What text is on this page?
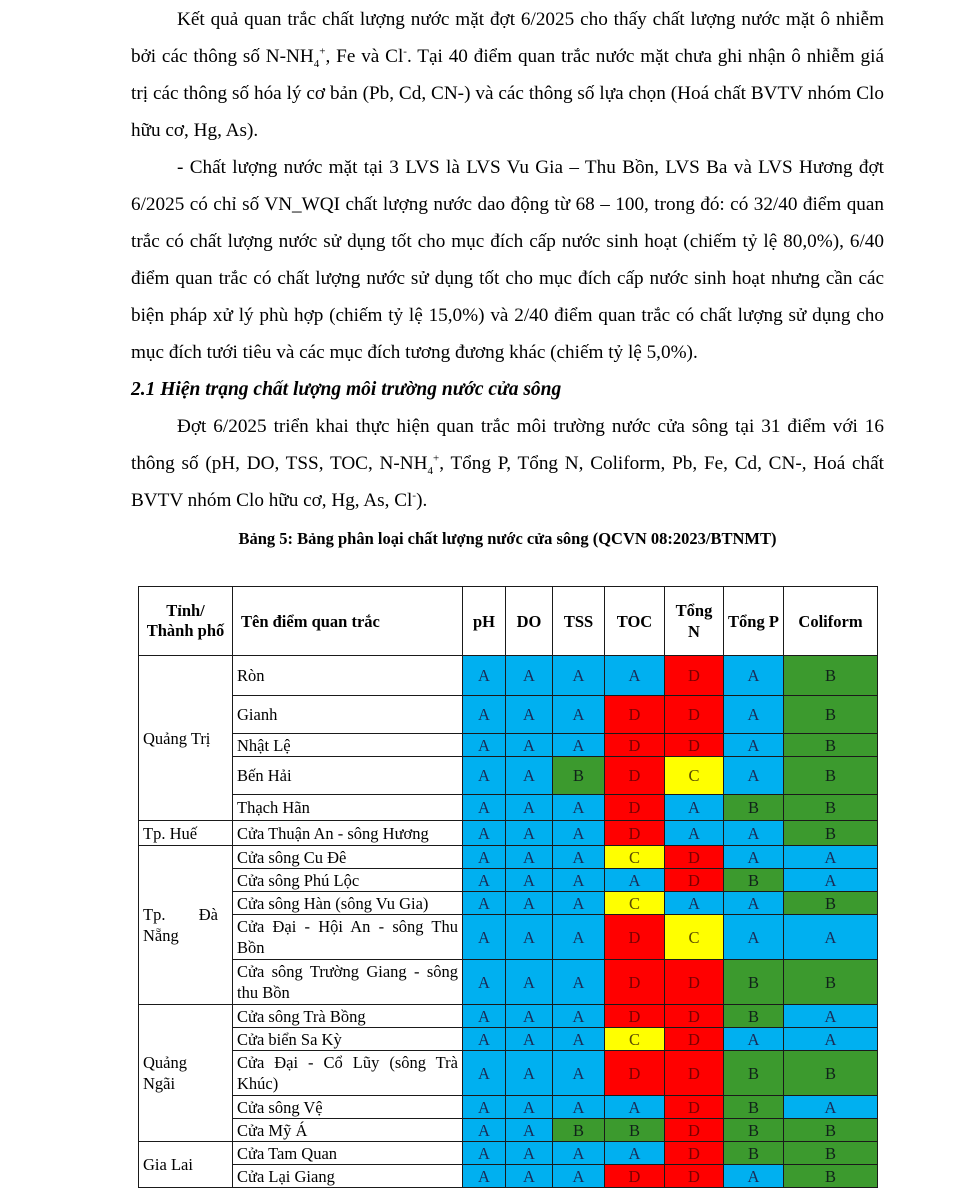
Kết quả quan trắc chất lượng nước mặt đợt 6/2025 cho thấy chất lượng nước mặt ô nhiễm bởi các thông số $N-NH_4^+$, Fe và Cl-. Tại 40 điểm quan trắc nước mặt chưa ghi nhận ô nhiễm giá trị các thông số hóa lý cơ bản (Pb, Cd, CN-) và các thông số lựa chọn (Hoá chất BVTV nhóm Clo hữu cơ, Hg, As).

- Chất lượng nước mặt tại 3 LVS là LVS Vu Gia – Thu Bồn, LVS Ba và LVS Hương đợt 6/2025 có chỉ số VN_WQI chất lượng nước dao động từ 68 – 100, trong đó: có 32/40 điểm quan trắc có chất lượng nước sử dụng tốt cho mục đích cấp nước sinh hoạt (chiếm tỷ lệ 80,0%), 6/40 điểm quan trắc có chất lượng nước sử dụng tốt cho mục đích cấp nước sinh hoạt nhưng cần các biện pháp xử lý phù hợp (chiếm tỷ lệ 15,0%) và 2/40 điểm quan trắc có chất lượng sử dụng cho mục đích tưới tiêu và các mục đích tương đương khác (chiếm tỷ lệ 5,0%).

2.1 Hiện trạng chất lượng môi trường nước cửa sông

Đợt 6/2025 triển khai thực hiện quan trắc môi trường nước cửa sông tại 31 điểm với 16 thông số (pH, DO, TSS, TOC, $N-NH_4^+$, Tổng P, Tổng N, Coliform, Pb, Fe, Cd, CN-, Hoá chất BVTV nhóm Clo hữu cơ, Hg, As, Cl-).

Bảng 5: Bảng phân loại chất lượng nước cửa sông (QCVN 08:2023/BTNMT)

Tỉnh/ Thành phố	Tên điểm quan trắc	pH	DO	TSS	TOC	Tổng N	Tổng P	Coliform
Quảng Trị	Ròn	A	A	A	A	D	A	B
	Gianh	A	A	A	D	D	A	B
	Nhật Lệ	A	A	A	D	D	A	B
	Bến Hải	A	A	B	D	C	A	B
	Thạch Hãn	A	A	A	D	A	B	B
Tp. Huế	Cửa Thuận An - sông Hương	A	A	A	D	A	A	B
Tp. Đà Nẵng	Cửa sông Cu Đê	A	A	A	C	D	A	A
	Cửa sông Phú Lộc	A	A	A	A	D	B	A
	Cửa sông Hàn (sông Vu Gia)	A	A	A	C	A	A	B
	Cửa Đại - Hội An - sông Thu Bồn	A	A	A	D	C	A	A
	Cửa sông Trường Giang - sông thu Bồn	A	A	A	D	D	B	B
Quảng Ngãi	Cửa sông Trà Bồng	A	A	A	D	D	B	A
	Cửa biển Sa Kỳ	A	A	A	C	D	A	A
	Cửa Đại - Cổ Lũy (sông Trà Khúc)	A	A	A	D	D	B	B
	Cửa sông Vệ	A	A	A	A	D	B	A
	Cửa Mỹ Á	A	A	B	B	D	B	B
Gia Lai	Cửa Tam Quan	A	A	A	A	D	B	B
	Cửa Lại Giang	A	A	A	D	D	A	B
